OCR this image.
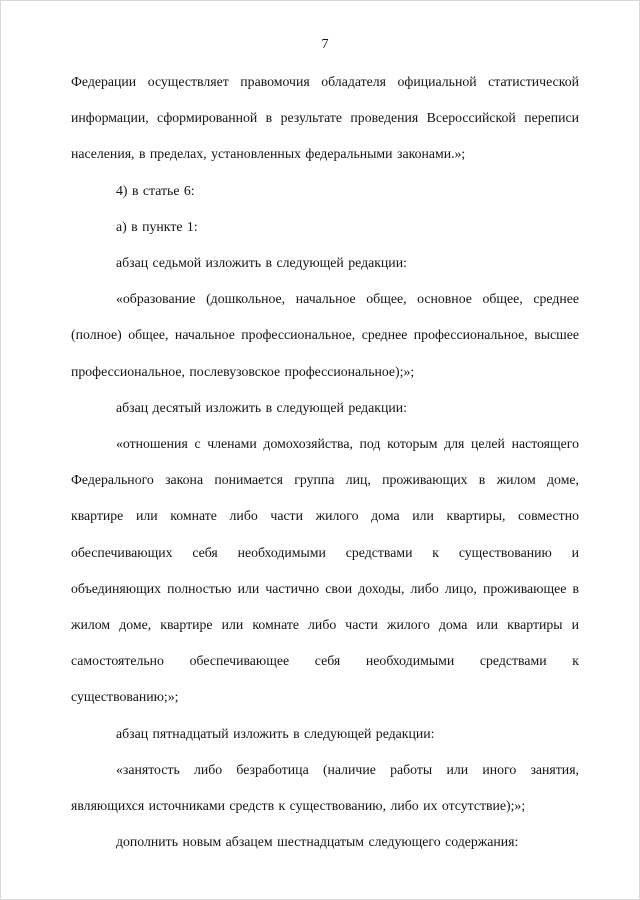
7

Федерации осуществляет правомочия обладателя официальной статистической информации, сформированной в результате проведения Всероссийской переписи населения, в пределах, установленных федеральными законами.»;

4) в статье 6:

а) в пункте 1:

абзац седьмой изложить в следующей редакции:

«образование (дошкольное, начальное общее, основное общее, среднее (полное) общее, начальное профессиональное, среднее профессиональное, высшее профессиональное, послевузовское профессиональное);»;

абзац десятый изложить в следующей редакции:

«отношения с членами домохозяйства, под которым для целей настоящего Федерального закона понимается группа лиц, проживающих в жилом доме, квартире или комнате либо части жилого дома или квартиры, совместно обеспечивающих себя необходимыми средствами к существованию и объединяющих полностью или частично свои доходы, либо лицо, проживающее в жилом доме, квартире или комнате либо части жилого дома или квартиры и самостоятельно обеспечивающее себя необходимыми средствами к существованию;»;

абзац пятнадцатый изложить в следующей редакции:

«занятость либо безработица (наличие работы или иного занятия, являющихся источниками средств к существованию, либо их отсутствие);»;

дополнить новым абзацем шестнадцатым следующего содержания:
